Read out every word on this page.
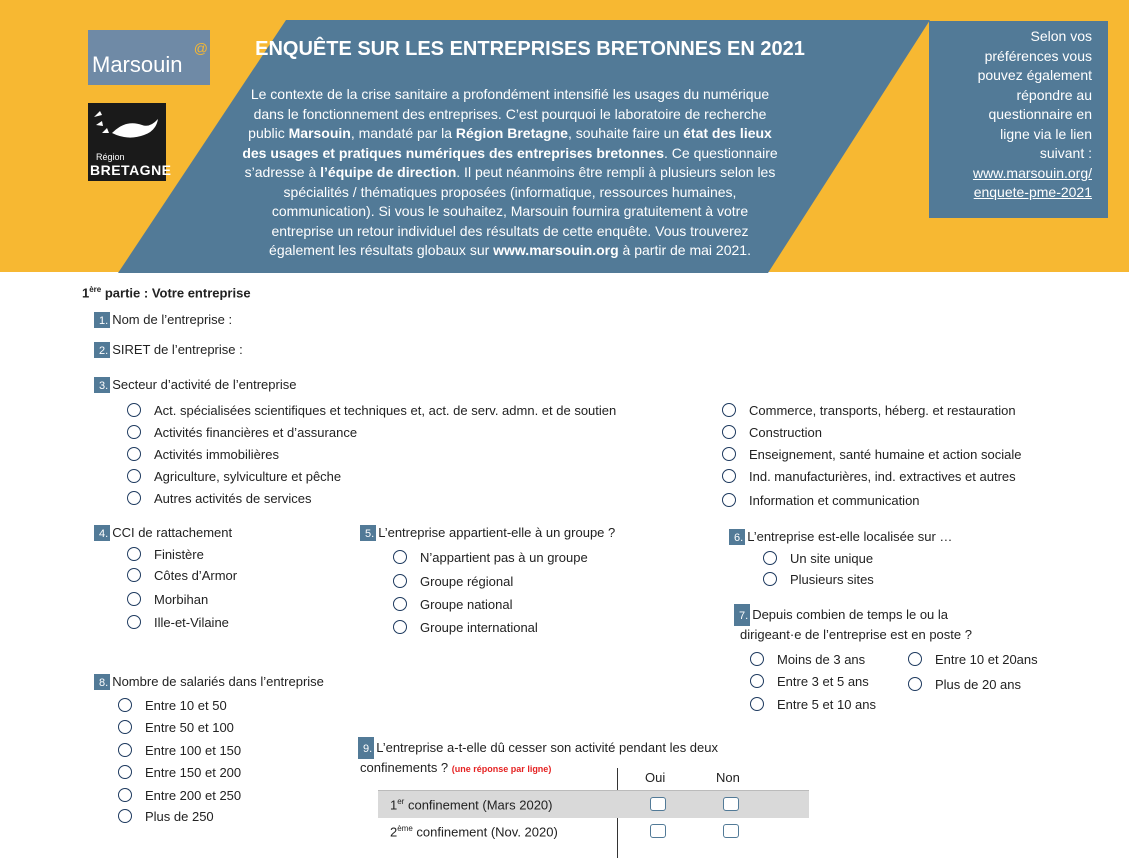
Marsouin
@
Région
BRETAGNE
ENQUÊTE SUR LES ENTREPRISES BRETONNES EN 2021
Le contexte de la crise sanitaire a profondément intensifié les usages du numérique
dans le fonctionnement des entreprises. C’est pourquoi le laboratoire de recherche
public Marsouin, mandaté par la Région Bretagne, souhaite faire un état des lieux
des usages et pratiques numériques des entreprises bretonnes. Ce questionnaire
s’adresse à l’équipe de direction. Il peut néanmoins être rempli à plusieurs selon les
spécialités / thématiques proposées (informatique, ressources humaines,
communication). Si vous le souhaitez, Marsouin fournira gratuitement à votre
entreprise un retour individuel des résultats de cette enquête. Vous trouverez
également les résultats globaux sur www.marsouin.org à partir de mai 2021.
Selon vos
préférences vous
pouvez également
répondre au
questionnaire en
ligne via le lien
suivant :
www.marsouin.org/
enquete-pme-2021
1ère partie : Votre entreprise
1. Nom de l’entreprise :
2. SIRET de l’entreprise :
3. Secteur d’activité de l’entreprise
Act. spécialisées scientifiques et techniques et, act. de serv. admn. et de soutien
Activités financières et d’assurance
Activités immobilières
Agriculture, sylviculture et pêche
Autres activités de services
Commerce, transports, héberg. et restauration
Construction
Enseignement, santé humaine et action sociale
Ind. manufacturières, ind. extractives et autres
Information et communication
4. CCI de rattachement
Finistère
Côtes d’Armor
Morbihan
Ille-et-Vilaine
5. L’entreprise appartient-elle à un groupe ?
N’appartient pas à un groupe
Groupe régional
Groupe national
Groupe international
6. L’entreprise est-elle localisée sur …
Un site unique
Plusieurs sites
7. Depuis combien de temps le ou la
dirigeant·e de l’entreprise est en poste ?
Moins de 3 ans
Entre 3 et 5 ans
Entre 5 et 10 ans
Entre 10 et 20ans
Plus de 20 ans
8. Nombre de salariés dans l’entreprise
Entre 10 et 50
Entre 50 et 100
Entre 100 et 150
Entre 150 et 200
Entre 200 et 250
Plus de 250
9. L’entreprise a-t-elle dû cesser son activité pendant les deux
confinements ? (une réponse par ligne)
Oui	Non
1er confinement (Mars 2020)
2ème confinement (Nov. 2020)
